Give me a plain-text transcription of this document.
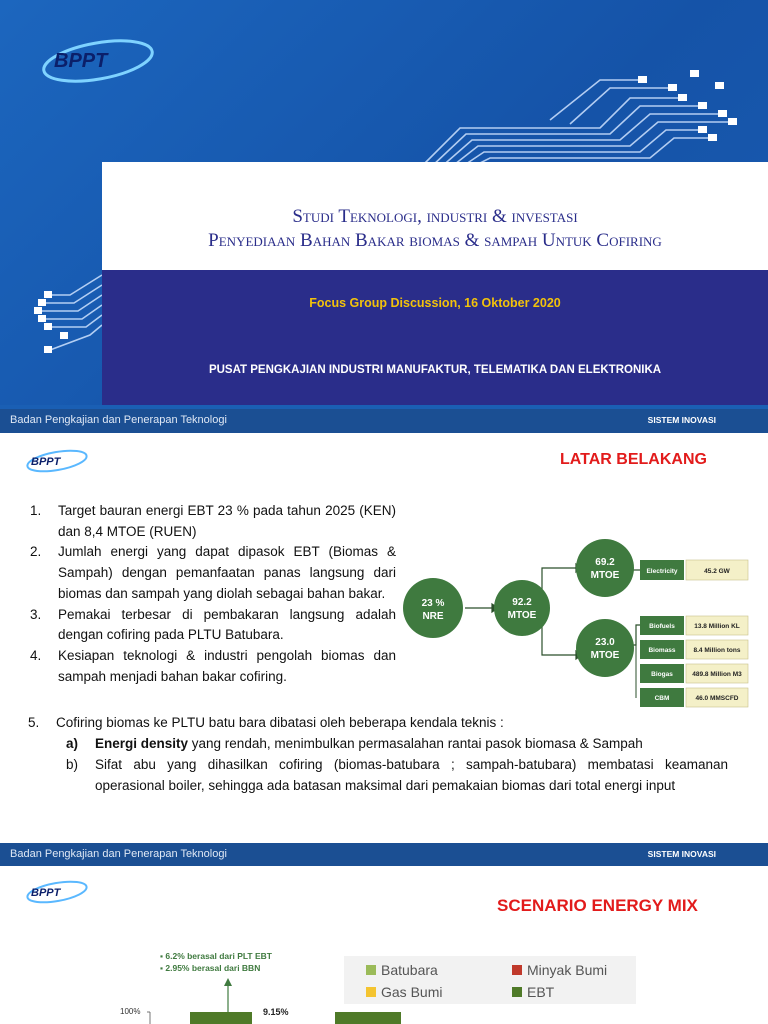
BPPT
Studi Teknologi, industri & investasi
Penyediaan Bahan Bakar biomas & sampah Untuk Cofiring
Focus Group Discussion, 16 Oktober 2020
PUSAT PENGKAJIAN INDUSTRI MANUFAKTUR, TELEMATIKA DAN ELEKTRONIKA
Badan Pengkajian dan Penerapan Teknologi	SISTEM INOVASI
BPPT	LATAR BELAKANG
1. Target bauran energi EBT 23 % pada tahun 2025 (KEN) dan 8,4 MTOE (RUEN)
2. Jumlah energi yang dapat dipasok EBT (Biomas & Sampah) dengan pemanfaatan panas langsung dari biomas dan sampah yang diolah sebagai bahan bakar.
3. Pemakai terbesar di pembakaran langsung adalah dengan cofiring pada PLTU Batubara.
4. Kesiapan teknologi & industri pengolah biomas dan sampah menjadi bahan bakar cofiring.
23 %
NRE
92.2
MTOE
69.2
MTOE
23.0
MTOE
Electricity	45.2 GW
Biofuels	13.8 Million KL
Biomass	8.4 Million tons
Biogas	489.8 Million M3
CBM	46.0 MMSCFD
5.	Cofiring biomas ke PLTU batu bara dibatasi oleh beberapa kendala teknis :
a)	Energi density yang rendah, menimbulkan permasalahan rantai pasok biomasa & Sampah
b)	Sifat abu yang dihasilkan cofiring (biomas-batubara ; sampah-batubara) membatasi keamanan operasional boiler, sehingga ada batasan maksimal dari pemakaian biomas dari total energi input
Badan Pengkajian dan Penerapan Teknologi	SISTEM INOVASI
BPPT
SCENARIO ENERGY MIX
▪ 6.2% berasal dari PLT EBT
▪ 2.95% berasal dari BBN
100%	9.15%
Batubara	Minyak Bumi
Gas Bumi	EBT
